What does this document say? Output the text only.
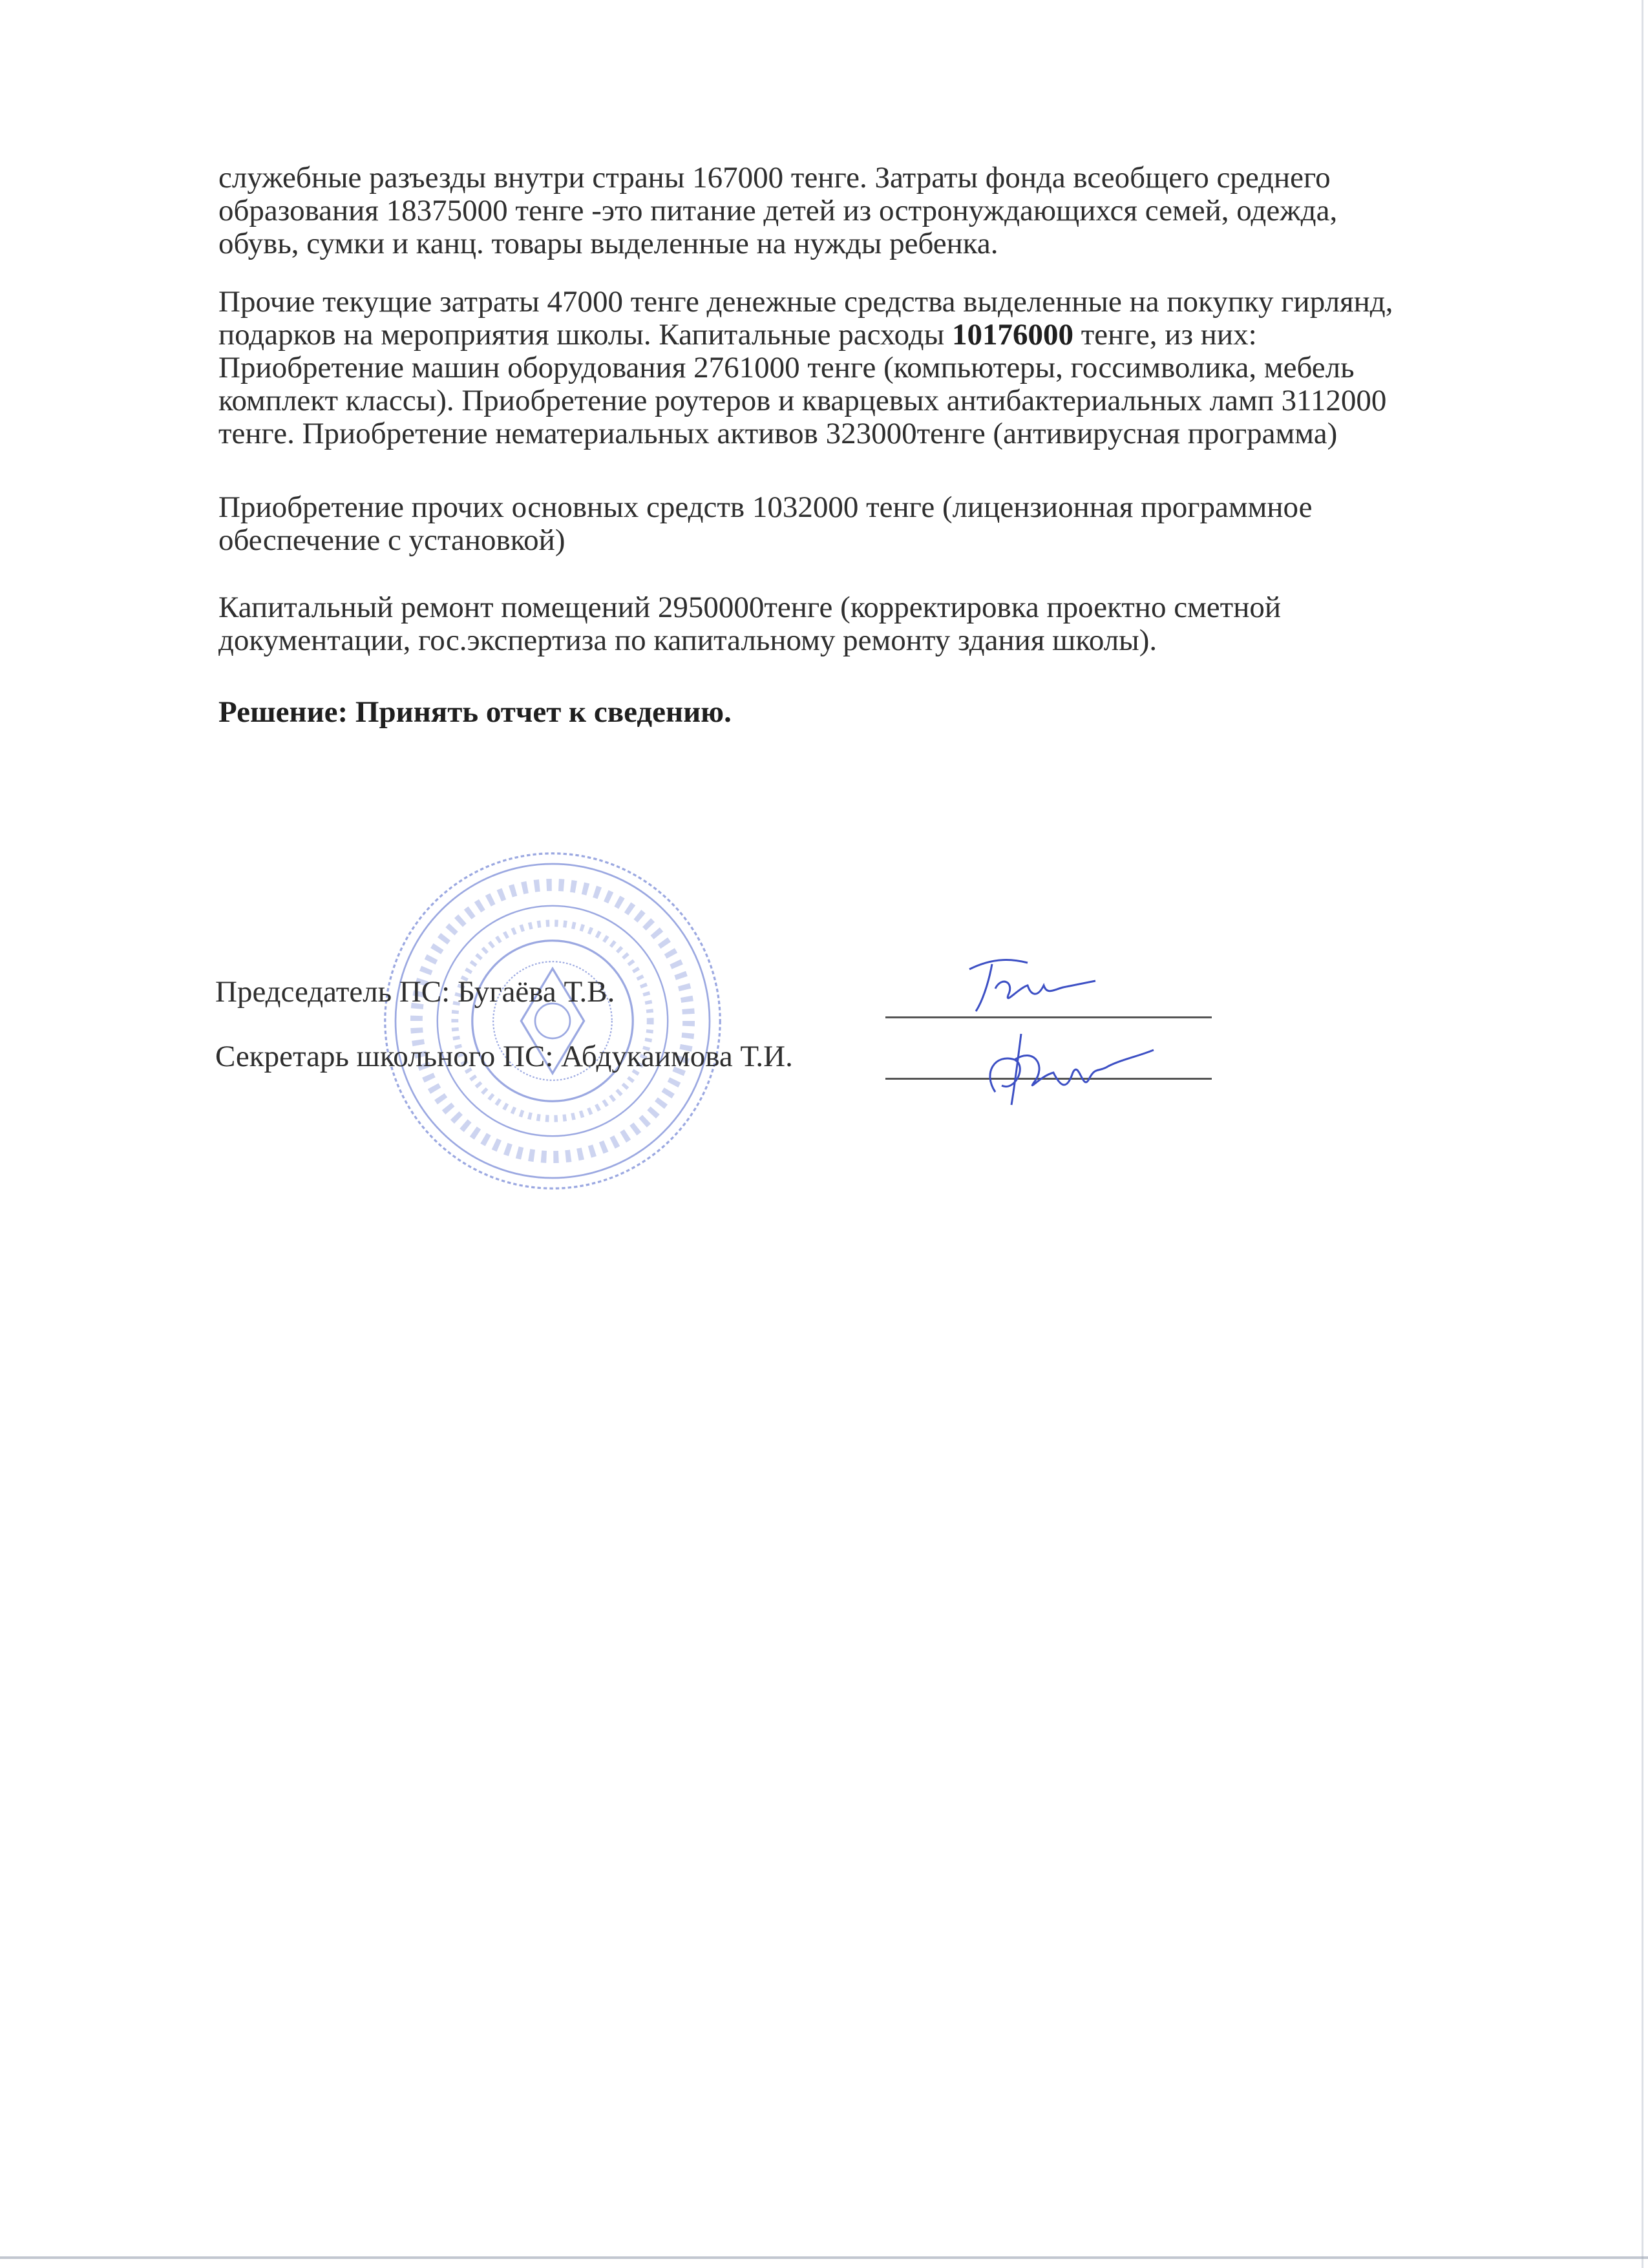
служебные разъезды внутри страны 167000 тенге. Затраты фонда всеобщего среднего
образования 18375000 тенге -это питание детей из остронуждающихся семей, одежда,
обувь, сумки и канц. товары выделенные на нужды ребенка.
Прочие текущие затраты 47000 тенге денежные средства выделенные на покупку гирлянд,
подарков на мероприятия школы. Капитальные расходы 10176000 тенге, из них:
Приобретение машин оборудования 2761000 тенге (компьютеры, госсимволика, мебель
комплект классы). Приобретение роутеров и кварцевых антибактериальных ламп 3112000
тенге. Приобретение нематериальных активов 323000тенге (антивирусная программа)
Приобретение прочих основных средств 1032000 тенге (лицензионная программное
обеспечение с установкой)
Капитальный ремонт помещений 2950000тенге (корректировка проектно сметной
документации, гос.экспертиза по капитальному ремонту здания школы).
Решение: Принять отчет к сведению.
Председатель ПС: Бугаёва Т.В.
Секретарь школьного ПС: Абдукаимова Т.И.
